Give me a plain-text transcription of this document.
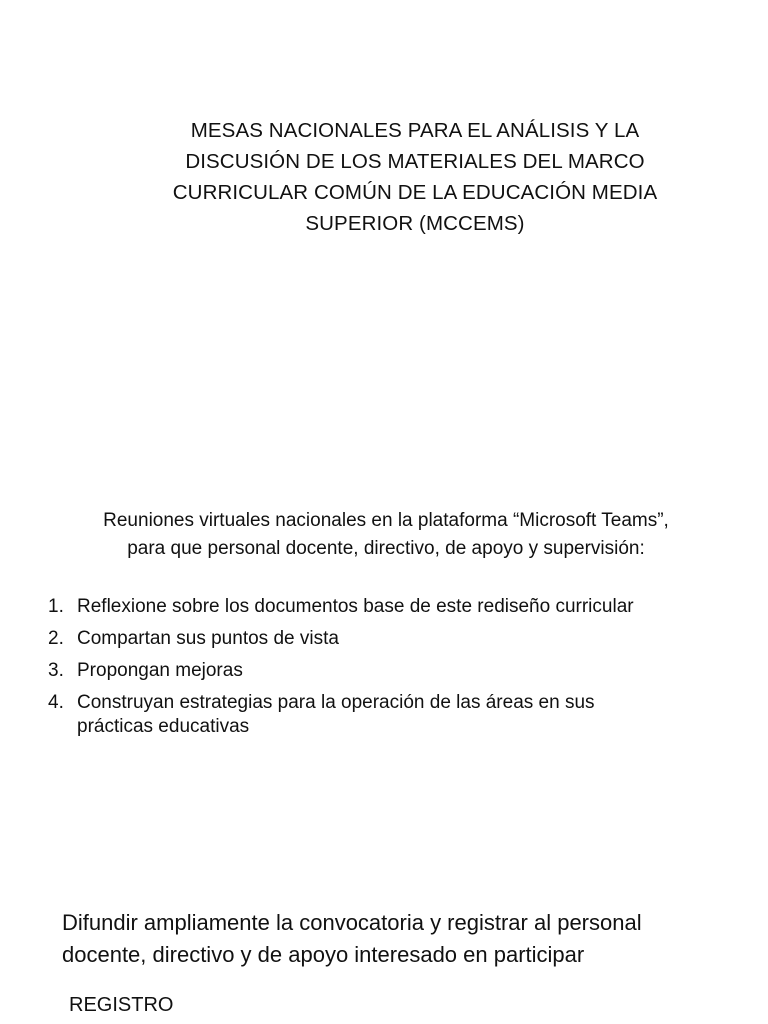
MESAS NACIONALES PARA EL ANÁLISIS Y LA
DISCUSIÓN DE LOS MATERIALES DEL MARCO
CURRICULAR COMÚN DE LA EDUCACIÓN MEDIA
SUPERIOR (MCCEMS)

Reuniones virtuales nacionales en la plataforma “Microsoft Teams”,
para que personal docente, directivo, de apoyo y supervisión:

1. Reflexione sobre los documentos base de este rediseño curricular
2. Compartan sus puntos de vista
3. Propongan mejoras
4. Construyan estrategias para la operación de las áreas en sus
prácticas educativas

Difundir ampliamente la convocatoria y registrar al personal
docente, directivo y de apoyo interesado en participar

REGISTRO
